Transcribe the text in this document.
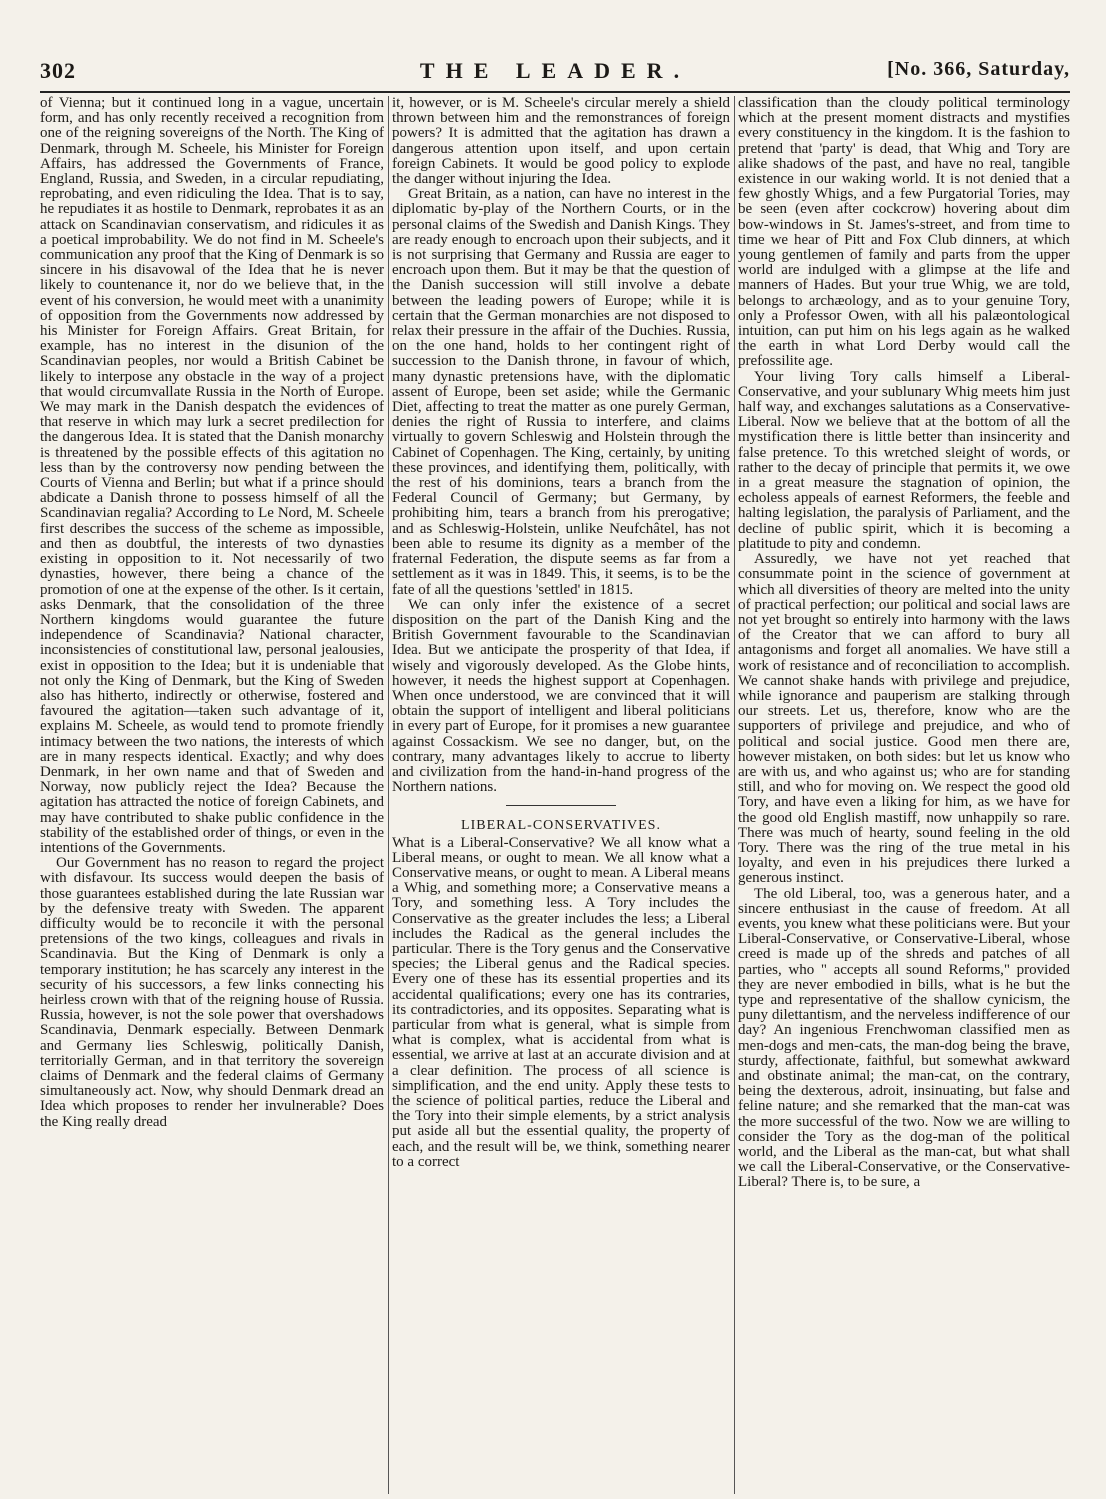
302	THE LEADER.	[No. 366, Saturday,

of Vienna; but it continued long in a vague, uncertain form, and has only recently received a recognition from one of the reigning sovereigns of the North. The King of Denmark, through M. Scheele, his Minister for Foreign Affairs, has addressed the Governments of France, England, Russia, and Sweden, in a circular repudiating, reprobating, and even ridiculing the Idea. That is to say, he repudiates it as hostile to Denmark, reprobates it as an attack on Scandinavian conservatism, and ridicules it as a poetical improbability. We do not find in M. Scheele's communication any proof that the King of Denmark is so sincere in his disavowal of the Idea that he is never likely to countenance it, nor do we believe that, in the event of his conversion, he would meet with a unanimity of opposition from the Governments now addressed by his Minister for Foreign Affairs. Great Britain, for example, has no interest in the disunion of the Scandinavian peoples, nor would a British Cabinet be likely to interpose any obstacle in the way of a project that would circumvallate Russia in the North of Europe. We may mark in the Danish despatch the evidences of that reserve in which may lurk a secret predilection for the dangerous Idea. It is stated that the Danish monarchy is threatened by the possible effects of this agitation no less than by the controversy now pending between the Courts of Vienna and Berlin; but what if a prince should abdicate a Danish throne to possess himself of all the Scandinavian regalia? According to Le Nord, M. Scheele first describes the success of the scheme as impossible, and then as doubtful, the interests of two dynasties existing in opposition to it. Not necessarily of two dynasties, however, there being a chance of the promotion of one at the expense of the other. Is it certain, asks Denmark, that the consolidation of the three Northern kingdoms would guarantee the future independence of Scandinavia? National character, inconsistencies of constitutional law, personal jealousies, exist in opposition to the Idea; but it is undeniable that not only the King of Denmark, but the King of Sweden also has hitherto, indirectly or otherwise, fostered and favoured the agitation—taken such advantage of it, explains M. Scheele, as would tend to promote friendly intimacy between the two nations, the interests of which are in many respects identical. Exactly; and why does Denmark, in her own name and that of Sweden and Norway, now publicly reject the Idea? Because the agitation has attracted the notice of foreign Cabinets, and may have contributed to shake public confidence in the stability of the established order of things, or even in the intentions of the Governments.

Our Government has no reason to regard the project with disfavour. Its success would deepen the basis of those guarantees established during the late Russian war by the defensive treaty with Sweden. The apparent difficulty would be to reconcile it with the personal pretensions of the two kings, colleagues and rivals in Scandinavia. But the King of Denmark is only a temporary institution; he has scarcely any interest in the security of his successors, a few links connecting his heirless crown with that of the reigning house of Russia. Russia, however, is not the sole power that overshadows Scandinavia, Denmark especially. Between Denmark and Germany lies Schleswig, politically Danish, territorially German, and in that territory the sovereign claims of Denmark and the federal claims of Germany simultaneously act. Now, why should Denmark dread an Idea which proposes to render her invulnerable? Does the King really dread

it, however, or is M. Scheele's circular merely a shield thrown between him and the remonstrances of foreign powers? It is admitted that the agitation has drawn a dangerous attention upon itself, and upon certain foreign Cabinets. It would be good policy to explode the danger without injuring the Idea.

Great Britain, as a nation, can have no interest in the diplomatic by-play of the Northern Courts, or in the personal claims of the Swedish and Danish Kings. They are ready enough to encroach upon their subjects, and it is not surprising that Germany and Russia are eager to encroach upon them. But it may be that the question of the Danish succession will still involve a debate between the leading powers of Europe; while it is certain that the German monarchies are not disposed to relax their pressure in the affair of the Duchies. Russia, on the one hand, holds to her contingent right of succession to the Danish throne, in favour of which, many dynastic pretensions have, with the diplomatic assent of Europe, been set aside; while the Germanic Diet, affecting to treat the matter as one purely German, denies the right of Russia to interfere, and claims virtually to govern Schleswig and Holstein through the Cabinet of Copenhagen. The King, certainly, by uniting these provinces, and identifying them, politically, with the rest of his dominions, tears a branch from the Federal Council of Germany; but Germany, by prohibiting him, tears a branch from his prerogative; and as Schleswig-Holstein, unlike Neufchâtel, has not been able to resume its dignity as a member of the fraternal Federation, the dispute seems as far from a settlement as it was in 1849. This, it seems, is to be the fate of all the questions 'settled' in 1815.

We can only infer the existence of a secret disposition on the part of the Danish King and the British Government favourable to the Scandinavian Idea. But we anticipate the prosperity of that Idea, if wisely and vigorously developed. As the Globe hints, however, it needs the highest support at Copenhagen. When once understood, we are convinced that it will obtain the support of intelligent and liberal politicians in every part of Europe, for it promises a new guarantee against Cossackism. We see no danger, but, on the contrary, many advantages likely to accrue to liberty and civilization from the hand-in-hand progress of the Northern nations.

LIBERAL-CONSERVATIVES.

What is a Liberal-Conservative? We all know what a Liberal means, or ought to mean. We all know what a Conservative means, or ought to mean. A Liberal means a Whig, and something more; a Conservative means a Tory, and something less. A Tory includes the Conservative as the greater includes the less; a Liberal includes the Radical as the general includes the particular. There is the Tory genus and the Conservative species; the Liberal genus and the Radical species. Every one of these has its essential properties and its accidental qualifications; every one has its contraries, its contradictories, and its opposites. Separating what is particular from what is general, what is simple from what is complex, what is accidental from what is essential, we arrive at last at an accurate division and at a clear definition. The process of all science is simplification, and the end unity. Apply these tests to the science of political parties, reduce the Liberal and the Tory into their simple elements, by a strict analysis put aside all but the essential quality, the property of each, and the result will be, we think, something nearer to a correct

classification than the cloudy political terminology which at the present moment distracts and mystifies every constituency in the kingdom. It is the fashion to pretend that 'party' is dead, that Whig and Tory are alike shadows of the past, and have no real, tangible existence in our waking world. It is not denied that a few ghostly Whigs, and a few Purgatorial Tories, may be seen (even after cockcrow) hovering about dim bow-windows in St. James's-street, and from time to time we hear of Pitt and Fox Club dinners, at which young gentlemen of family and parts from the upper world are indulged with a glimpse at the life and manners of Hades. But your true Whig, we are told, belongs to archæology, and as to your genuine Tory, only a Professor Owen, with all his palæontological intuition, can put him on his legs again as he walked the earth in what Lord Derby would call the prefossilite age.

Your living Tory calls himself a Liberal-Conservative, and your sublunary Whig meets him just half way, and exchanges salutations as a Conservative-Liberal. Now we believe that at the bottom of all the mystification there is little better than insincerity and false pretence. To this wretched sleight of words, or rather to the decay of principle that permits it, we owe in a great measure the stagnation of opinion, the echoless appeals of earnest Reformers, the feeble and halting legislation, the paralysis of Parliament, and the decline of public spirit, which it is becoming a platitude to pity and condemn.

Assuredly, we have not yet reached that consummate point in the science of government at which all diversities of theory are melted into the unity of practical perfection; our political and social laws are not yet brought so entirely into harmony with the laws of the Creator that we can afford to bury all antagonisms and forget all anomalies. We have still a work of resistance and of reconciliation to accomplish. We cannot shake hands with privilege and prejudice, while ignorance and pauperism are stalking through our streets. Let us, therefore, know who are the supporters of privilege and prejudice, and who of political and social justice. Good men there are, however mistaken, on both sides: but let us know who are with us, and who against us; who are for standing still, and who for moving on. We respect the good old Tory, and have even a liking for him, as we have for the good old English mastiff, now unhappily so rare. There was much of hearty, sound feeling in the old Tory. There was the ring of the true metal in his loyalty, and even in his prejudices there lurked a generous instinct.

The old Liberal, too, was a generous hater, and a sincere enthusiast in the cause of freedom. At all events, you knew what these politicians were. But your Liberal-Conservative, or Conservative-Liberal, whose creed is made up of the shreds and patches of all parties, who " accepts all sound Reforms," provided they are never embodied in bills, what is he but the type and representative of the shallow cynicism, the puny dilettantism, and the nerveless indifference of our day? An ingenious Frenchwoman classified men as men-dogs and men-cats, the man-dog being the brave, sturdy, affectionate, faithful, but somewhat awkward and obstinate animal; the man-cat, on the contrary, being the dexterous, adroit, insinuating, but false and feline nature; and she remarked that the man-cat was the more successful of the two. Now we are willing to consider the Tory as the dog-man of the political world, and the Liberal as the man-cat, but what shall we call the Liberal-Conservative, or the Conservative-Liberal? There is, to be sure, a
